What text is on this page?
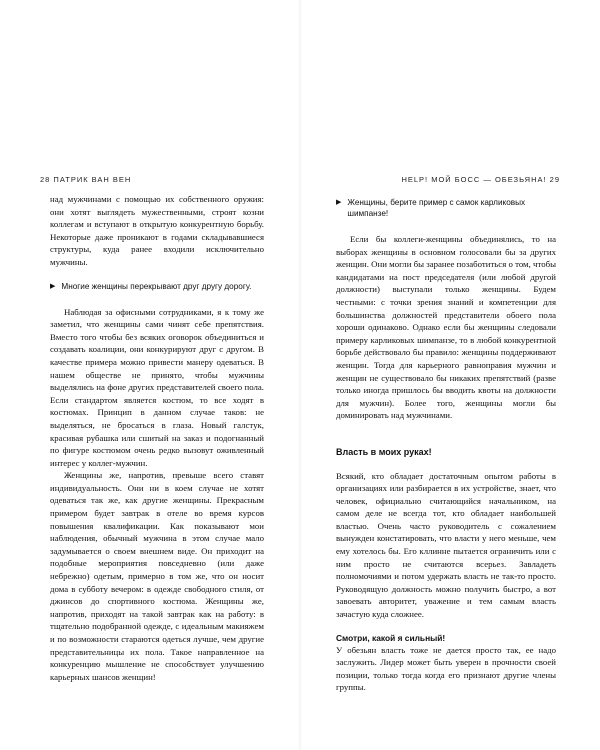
28 ПАТРИК ВАН ВЕН

над мужчинами с помощью их собственного оружия: они хотят выглядеть мужественными, строят козни коллегам и вступают в открытую конкурентную борьбу. Некоторые даже проникают в годами складывавшиеся структуры, куда ранее входили исключительно мужчины.

▶ Многие женщины перекрывают друг другу дорогу.

Наблюдая за офисными сотрудниками, я к тому же заметил, что женщины сами чинят себе препятствия. Вместо того чтобы без всяких оговорок объединиться и создавать коалиции, они конкурируют друг с другом. В качестве примера можно привести манеру одеваться. В нашем обществе не принято, чтобы мужчины выделялись на фоне других представителей своего пола. Если стандартом является костюм, то все ходят в костюмах. Принцип в данном случае таков: не выделяться, не бросаться в глаза. Новый галстук, красивая рубашка или сшитый на заказ и подогнанный по фигуре костюмом очень редко вызовут оживленный интерес у коллег-мужчин.

Женщины же, напротив, превыше всего ставят индивидуальность. Они ни в коем случае не хотят одеваться так же, как другие женщины. Прекрасным примером будет завтрак в отеле во время курсов повышения квалификации. Как показывают мои наблюдения, обычный мужчина в этом случае мало задумывается о своем внешнем виде. Он приходит на подобные мероприятия повседневно (или даже небрежно) одетым, примерно в том же, что он носит дома в субботу вечером: в одежде свободного стиля, от джинсов до спортивного костюма. Женщины же, напротив, приходят на такой завтрак как на работу: в тщательно подобранной одежде, с идеальным макияжем и по возможности стараются одеться лучше, чем другие представительницы их пола. Такое направленное на конкуренцию мышление не способствует улучшению карьерных шансов женщин!

HELP! МОЙ БОСС — ОБЕЗЬЯНА! 29
▶ Женщины, берите пример с самок карликовых шимпанзе!

Если бы коллеги-женщины объединялись, то на выборах женщины в основном голосовали бы за других женщин. Они могли бы заранее позаботиться о том, чтобы кандидатами на пост председателя (или любой другой должности) выступали только женщины. Будем честными: с точки зрения знаний и компетенции для большинства должностей представители обоего пола хороши одинаково. Однако если бы женщины следовали примеру карликовых шимпанзе, то в любой конкурентной борьбе действовало бы правило: женщины поддерживают женщин. Тогда для карьерного равноправия мужчин и женщин не существовало бы никаких препятствий (разве только иногда пришлось бы вводить квоты на должности для мужчин). Более того, женщины могли бы доминировать над мужчинами.

Власть в моих руках!

Всякий, кто обладает достаточным опытом работы в организациях или разбирается в их устройстве, знает, что человек, официально считающийся начальником, на самом деле не всегда тот, кто обладает наибольшей властью. Очень часто руководитель с сожалением вынужден констатировать, что власти у него меньше, чем ему хотелось бы. Его кллинне пытается ограничить или с ним просто не считаются всерьез. Завладеть полномочиями и потом удержать власть не так-то просто. Руководящую должность можно получить быстро, а вот завоевать авторитет, уважение и тем самым власть зачастую куда сложнее.

Смотри, какой я сильный!

У обезьян власть тоже не дается просто так, ее надо заслужить. Лидер может быть уверен в прочности своей позиции, только тогда когда его признают другие члены группы.
